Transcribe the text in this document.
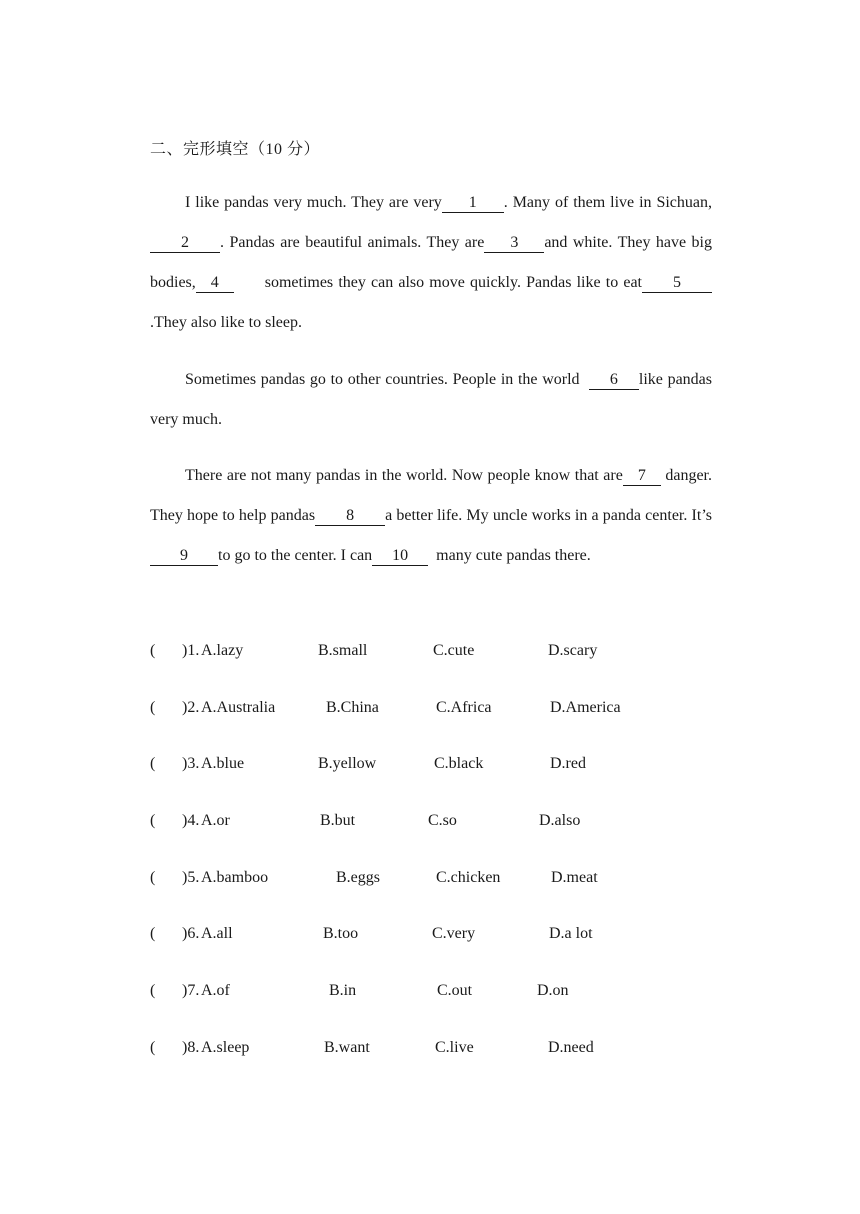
二、完形填空（10 分）

I like pandas very much. They are very 1 . Many of them live in Sichuan,2 . Pandas are beautiful animals. They are 3 and white. They have big bodies, 4      sometimes they can also move quickly. Pandas like to eat 5.They also like to sleep.

Sometimes pandas go to other countries. People in the world  6 like pandas very much.

There are not many pandas in the world. Now people know that are 7 danger. They hope to help pandas 8 a better life. My uncle works in a panda center. It’s9 to go to the center. I can 10  many cute pandas there.

( )1. A.lazy	B.small	C.cute	D.scary
( )2. A.Australia	B.China	C.Africa	D.America
( )3. A.blue	B.yellow	C.black	D.red
( )4. A.or	B.but	C.so	D.also
( )5. A.bamboo	B.eggs	C.chicken	D.meat
( )6. A.all	B.too	C.very	D.a lot
( )7. A.of	B.in	C.out	D.on
( )8. A.sleep	B.want	C.live	D.need
